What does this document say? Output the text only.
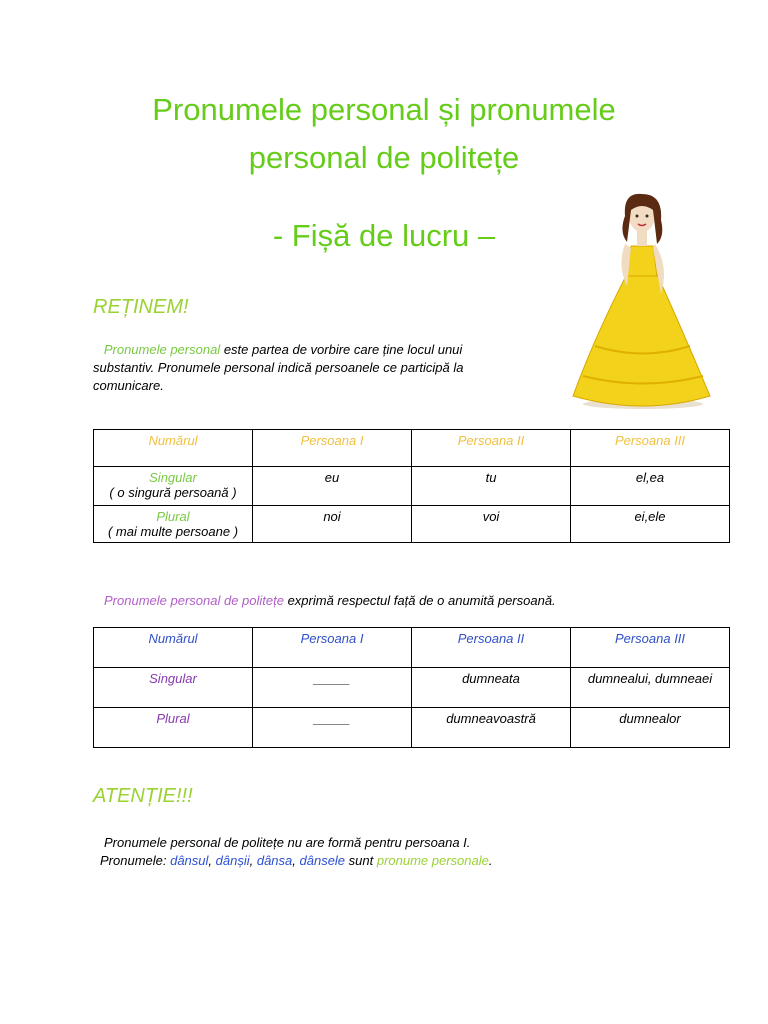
Pronumele personal și pronumele
personal de politețe
- Fișă de lucru –
REȚINEM!
Pronumele personal este partea de vorbire care ține locul unui
substantiv. Pronumele personal indică persoanele ce participă la
comunicare.
Numărul	Persoana I	Persoana II	Persoana III

Singular
( o singură persoană )	eu	tu	el,ea

Plural
( mai multe persoane )	noi	voi	ei,ele
Pronumele personal de politețe exprimă respectul față de o anumită persoană.
Numărul	Persoana I	Persoana II	Persoana III
Singular	_____	dumneata	dumnealui, dumneaei
Plural	_____	dumneavoastră	dumnealor
ATENȚIE!!!
Pronumele personal de politețe nu are formă pentru persoana I.
Pronumele: dânsul, dânșii, dânsa, dânsele sunt pronume personale.
